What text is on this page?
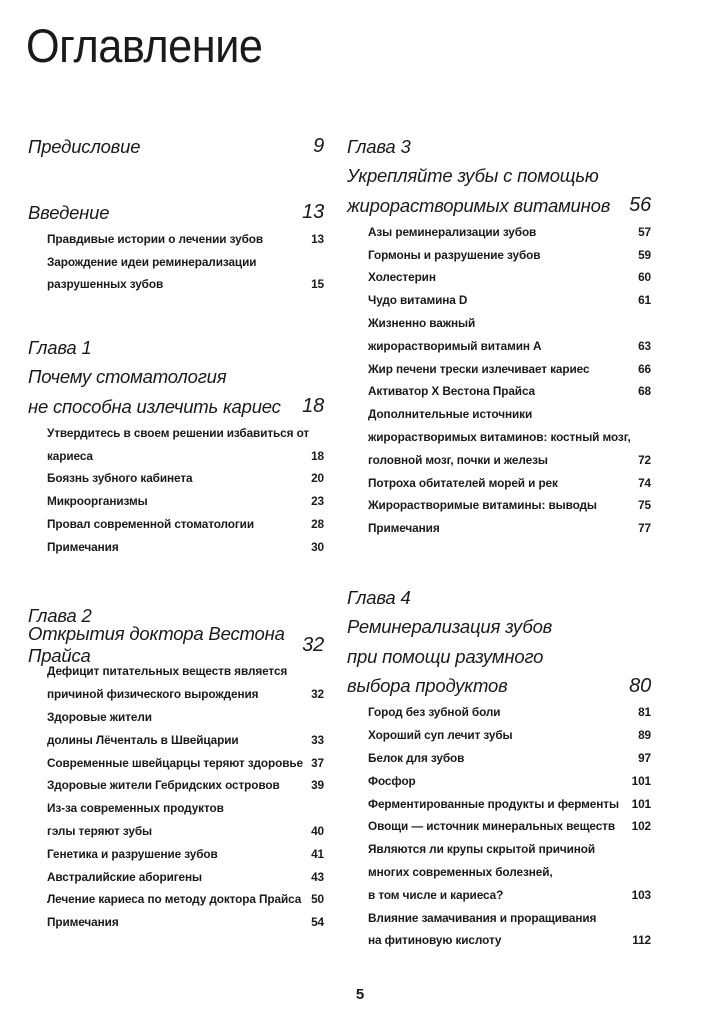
Оглавление
Предисловие	9
Введение	13
Правдивые истории о лечении зубов	13
Зарождение идеи реминерализации
разрушенных зубов	15
Глава 1
Почему стоматология
не способна излечить кариес 18
Утвердитесь в своем решении избавиться от
кариеса	18
Боязнь зубного кабинета	20
Микроорганизмы	23
Провал современной стоматологии	28
Примечания	30
Глава 2
Открытия доктора Вестона Прайса	32
Дефицит питательных веществ является
причиной физического вырождения	32
Здоровые жители
долины Лёченталь в Швейцарии	33
Современные швейцарцы теряют здоровье 37
Здоровые жители Гебридских островов	39
Из-за современных продуктов
гэлы теряют зубы	40
Генетика и разрушение зубов	41
Австралийские аборигены	43
Лечение кариеса по методу доктора Прайса 50
Примечания	54
Глава 3
Укрепляйте зубы с помощью
жирорастворимых витаминов 56
Азы реминерализации зубов	57
Гормоны и разрушение зубов	59
Холестерин	60
Чудо витамина D	61
Жизненно важный
жирорастворимый витамин A	63
Жир печени трески излечивает кариес	66
Активатор X Вестона Прайса	68
Дополнительные источники
жирорастворимых витаминов: костный мозг,
головной мозг, почки и железы	72
Потроха обитателей морей и рек	74
Жирорастворимые витамины: выводы	75
Примечания	77
Глава 4
Реминерализация зубов
при помощи разумного
выбора продуктов	80
Город без зубной боли	81
Хороший суп лечит зубы	89
Белок для зубов	97
Фосфор	101
Ферментированные продукты и ферменты 101
Овощи — источник минеральных веществ 102
Являются ли крупы скрытой причиной
многих современных болезней,
в том числе и кариеса?	103
Влияние замачивания и проращивания
на фитиновую кислоту	112
5
